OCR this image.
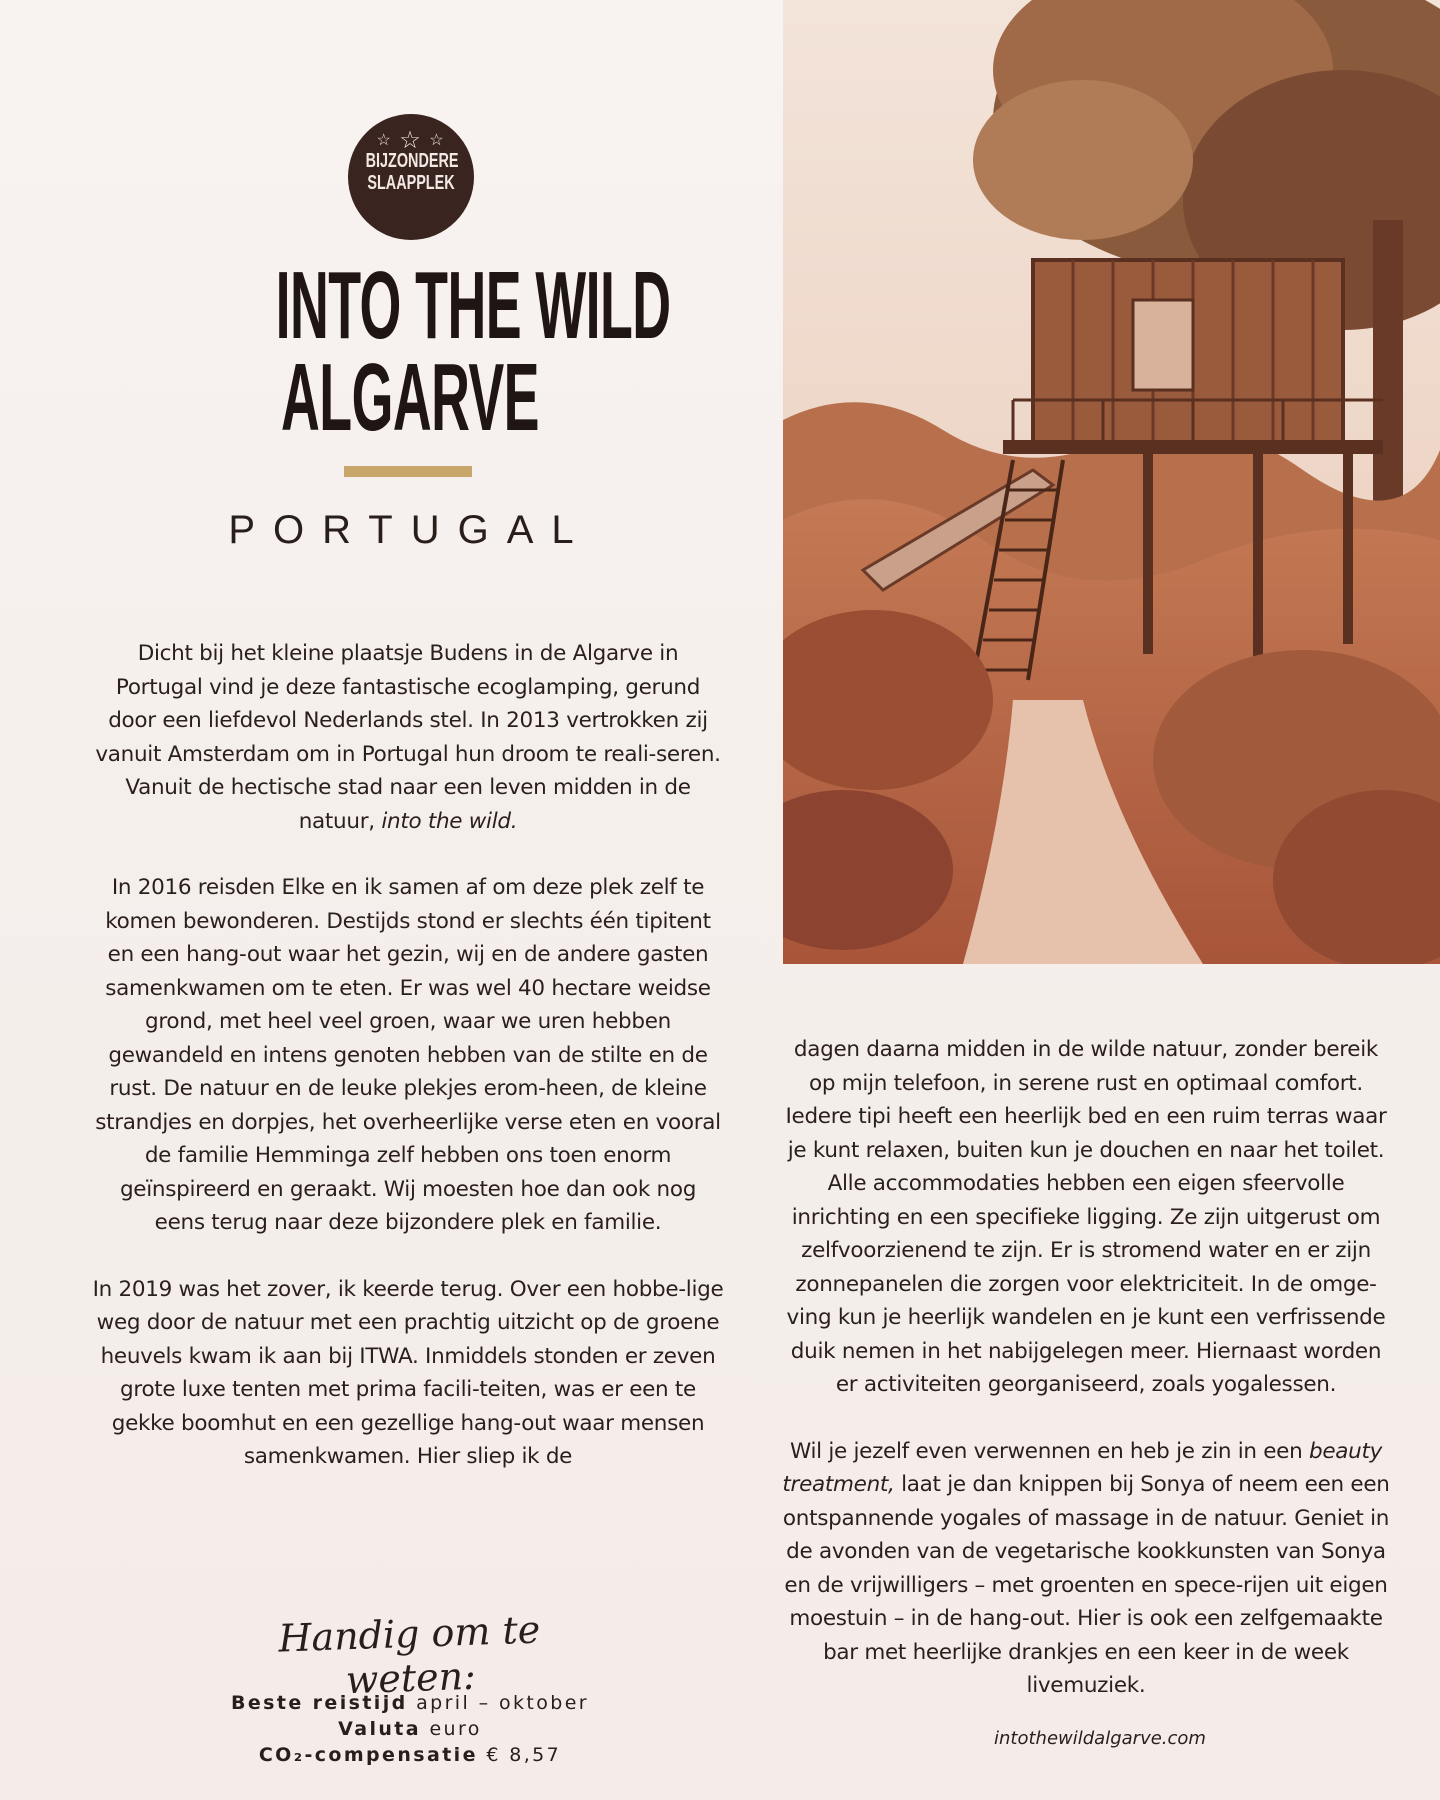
☆ ☆ ☆
BIJZONDERE
SLAAPPLEK
INTO THE WILD
ALGARVE
PORTUGAL

Dicht bij het kleine plaatsje Budens in de Algarve in Portugal vind je deze fantastische ecoglamping, gerund door een liefdevol Nederlands stel. In 2013 vertrokken zij vanuit Amsterdam om in Portugal hun droom te reali-seren. Vanuit de hectische stad naar een leven midden in de natuur, into the wild.

In 2016 reisden Elke en ik samen af om deze plek zelf te komen bewonderen. Destijds stond er slechts één tipitent en een hang-out waar het gezin, wij en de andere gasten samenkwamen om te eten. Er was wel 40 hectare weidse grond, met heel veel groen, waar we uren hebben gewandeld en intens genoten hebben van de stilte en de rust. De natuur en de leuke plekjes erom-heen, de kleine strandjes en dorpjes, het overheerlijke verse eten en vooral de familie Hemminga zelf hebben ons toen enorm geïnspireerd en geraakt. Wij moesten hoe dan ook nog eens terug naar deze bijzondere plek en familie.

In 2019 was het zover, ik keerde terug. Over een hobbe-lige weg door de natuur met een prachtig uitzicht op de groene heuvels kwam ik aan bij ITWA. Inmiddels stonden er zeven grote luxe tenten met prima facili-teiten, was er een te gekke boomhut en een gezellige hang-out waar mensen samenkwamen. Hier sliep ik de

dagen daarna midden in de wilde natuur, zonder bereik op mijn telefoon, in serene rust en optimaal comfort. Iedere tipi heeft een heerlijk bed en een ruim terras waar je kunt relaxen, buiten kun je douchen en naar het toilet. Alle accommodaties hebben een eigen sfeervolle inrichting en een specifieke ligging. Ze zijn uitgerust om zelfvoorzienend te zijn. Er is stromend water en er zijn zonnepanelen die zorgen voor elektriciteit. In de omge-ving kun je heerlijk wandelen en je kunt een verfrissende duik nemen in het nabijgelegen meer. Hiernaast worden er activiteiten georganiseerd, zoals yogalessen.

Wil je jezelf even verwennen en heb je zin in een beauty treatment, laat je dan knippen bij Sonya of neem een een ontspannende yogales of massage in de natuur. Geniet in de avonden van de vegetarische kookkunsten van Sonya en de vrijwilligers – met groenten en spece-rijen uit eigen moestuin – in de hang-out. Hier is ook een zelfgemaakte bar met heerlijke drankjes en een keer in de week livemuziek.

intothewildalgarve.com
Handig om te weten:
Beste reistijd april – oktober
Valuta euro
CO₂-compensatie € 8,57
